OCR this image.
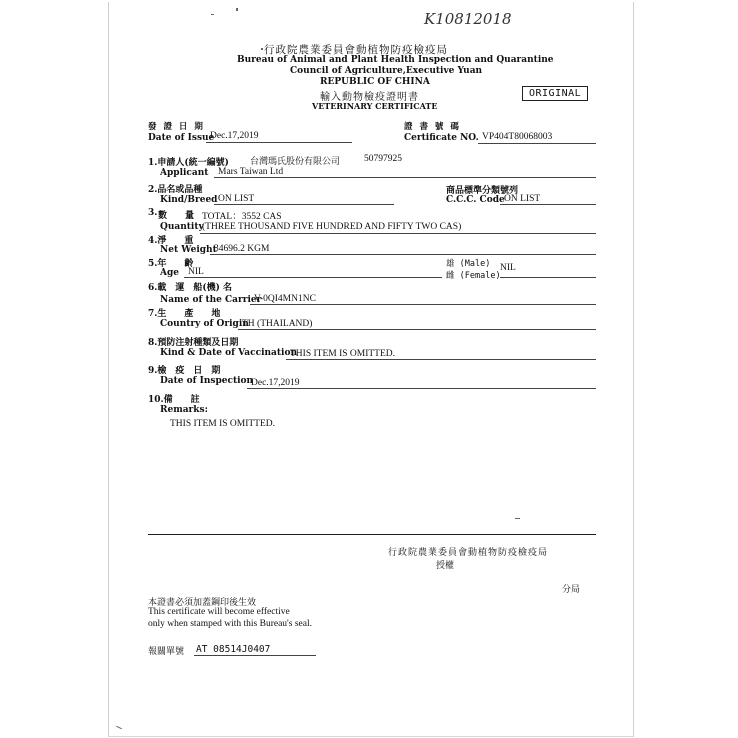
K10812018
行政院農業委員會動植物防疫檢疫局
Bureau of Animal and Plant Health Inspection and Quarantine
Council of Agriculture,Executive Yuan
REPUBLIC OF CHINA
輸入動物檢疫證明書
VETERINARY CERTIFICATE
ORIGINAL
發 證 日 期
Date of Issue
Dec.17,2019
證 書 號 碼
Certificate NO. VP404T80068003
1.申請人(統一編號) 台灣瑪氏股份有限公司	50797925
Applicant Mars Taiwan Ltd
2.品名或品種
Kind/Breed ON LIST
商品標準分類號列
C.C.C. Code ON LIST
3. 數　　量 TOTAL：3552 CAS
Quantity
(THREE THOUSAND FIVE HUNDRED AND FIFTY TWO CAS)
4.淨　　重
Net Weight
34696.2 KGM
5.年　　齡
Age NIL
雄 (Male)
雌 (Female)
NIL
6.載　運　船(機) 名
Name of the Carrier
V-0QI4MN1NC
7.生　　產　　地
Country of Origin
TH (THAILAND)
8.預防注射種類及日期
Kind & Date of Vaccination
THIS ITEM IS OMITTED.
9.檢　疫　日　期
Date of Inspection
Dec.17,2019
10.備　　註
Remarks:
THIS ITEM IS OMITTED.
行政院農業委員會動植物防疫檢疫局
授權
分局
本證書必須加蓋鋼印後生效
This certificate will become effective
only when stamped with this Bureau's seal.
報關單號 AT 08514J0407
